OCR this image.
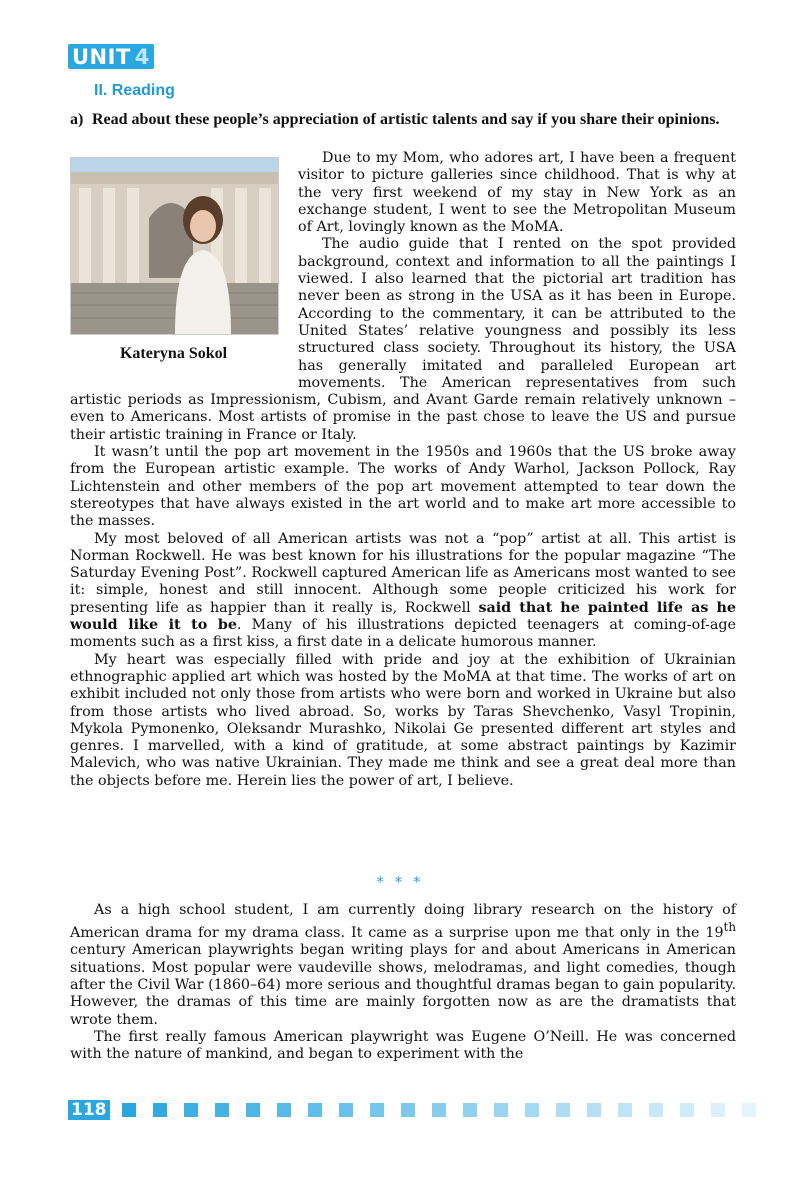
UNIT 4
II. Reading
a) Read about these people’s appreciation of artistic talents and say if you share their opinions.
Kateryna Sokol

Due to my Mom, who adores art, I have been a frequent visitor to picture galleries since childhood. That is why at the very first weekend of my stay in New York as an exchange student, I went to see the Metropolitan Museum of Art, lovingly known as the MoMA.

The audio guide that I rented on the spot provided background, context and information to all the paintings I viewed. I also learned that the pictorial art tradition has never been as strong in the USA as it has been in Europe. According to the commentary, it can be attributed to the United States’ relative youngness and possibly its less structured class society. Throughout its history, the USA has generally imitated and paralleled European art movements. The American representatives from such artistic periods as Impressionism, Cubism, and Avant Garde remain relatively unknown – even to Americans. Most artists of promise in the past chose to leave the US and pursue their artistic training in France or Italy.

It wasn’t until the pop art movement in the 1950s and 1960s that the US broke away from the European artistic example. The works of Andy Warhol, Jackson Pollock, Ray Lichtenstein and other members of the pop art movement attempted to tear down the stereotypes that have always existed in the art world and to make art more accessible to the masses.

My most beloved of all American artists was not a “pop” artist at all. This artist is Norman Rockwell. He was best known for his illustrations for the popular magazine “The Saturday Evening Post”. Rockwell captured American life as Americans most wanted to see it: simple, honest and still innocent. Although some people criticized his work for presenting life as happier than it really is, Rockwell said that he painted life as he would like it to be. Many of his illustrations depicted teenagers at coming-of-age moments such as a first kiss, a first date in a delicate humorous manner.

My heart was especially filled with pride and joy at the exhibition of Ukrainian ethnographic applied art which was hosted by the MoMA at that time. The works of art on exhibit included not only those from artists who were born and worked in Ukraine but also from those artists who lived abroad. So, works by Taras Shevchenko, Vasyl Tropinin, Mykola Pymonenko, Oleksandr Murashko, Nikolai Ge presented different art styles and genres. I marvelled, with a kind of gratitude, at some abstract paintings by Kazimir Malevich, who was native Ukrainian. They made me think and see a great deal more than the objects before me. Herein lies the power of art, I believe.

* * *

As a high school student, I am currently doing library research on the history of American drama for my drama class. It came as a surprise upon me that only in the 19th century American playwrights began writing plays for and about Americans in American situations. Most popular were vaudeville shows, melodramas, and light comedies, though after the Civil War (1860–64) more serious and thoughtful dramas began to gain popularity. However, the dramas of this time are mainly forgotten now as are the dramatists that wrote them.

The first really famous American playwright was Eugene O’Neill. He was concerned with the nature of mankind, and began to experiment with the

118
